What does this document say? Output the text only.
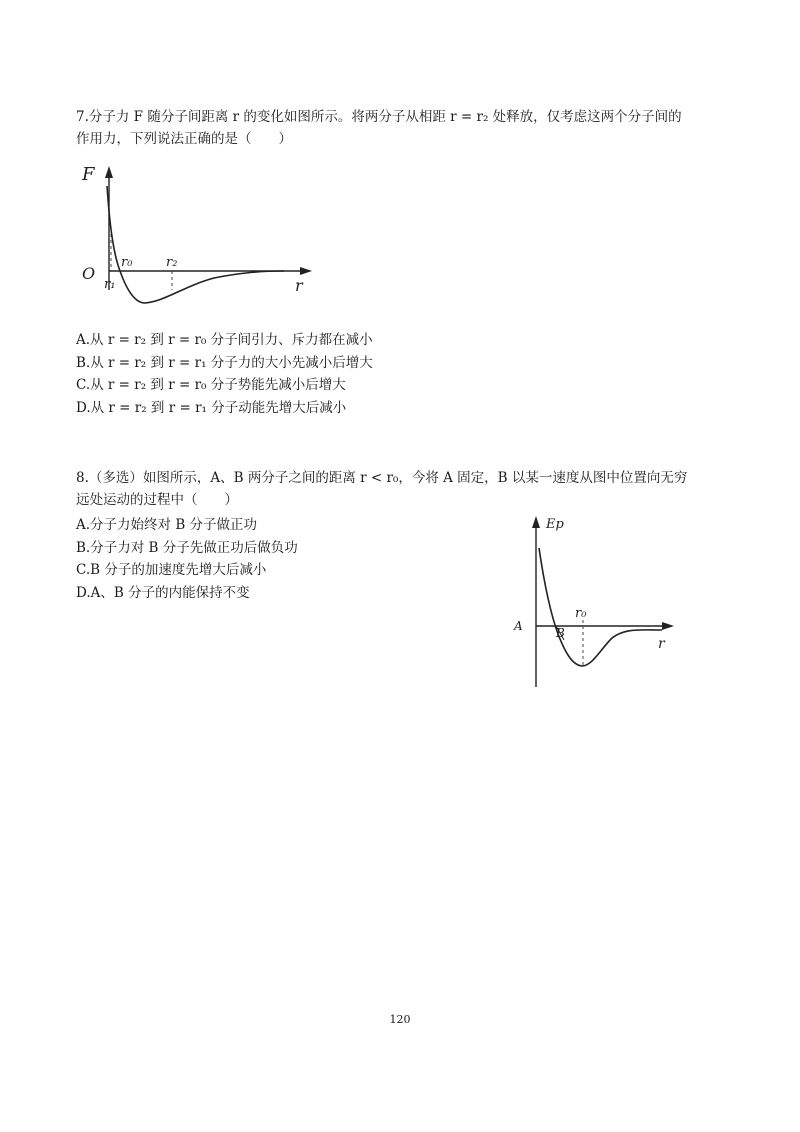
7.分子力 F 随分子间距离 r 的变化如图所示。将两分子从相距 r = r₂ 处释放，仅考虑这两个分子间的
作用力，下列说法正确的是（　　）
F
O
r₁
r₀	r₂
r
A.从 r = r₂ 到 r = r₀ 分子间引力、斥力都在减小
B.从 r = r₂ 到 r = r₁ 分子力的大小先减小后增大
C.从 r = r₂ 到 r = r₀ 分子势能先减小后增大
D.从 r = r₂ 到 r = r₁ 分子动能先增大后减小
8.（多选）如图所示，A、B 两分子之间的距离 r < r₀，今将 A 固定，B 以某一速度从图中位置向无穷
远处运动的过程中（　　）
A.分子力始终对 B 分子做正功
B.分子力对 B 分子先做正功后做负功
C.B 分子的加速度先增大后减小
D.A、B 分子的内能保持不变
Ep
A	B
r₀
r
120
